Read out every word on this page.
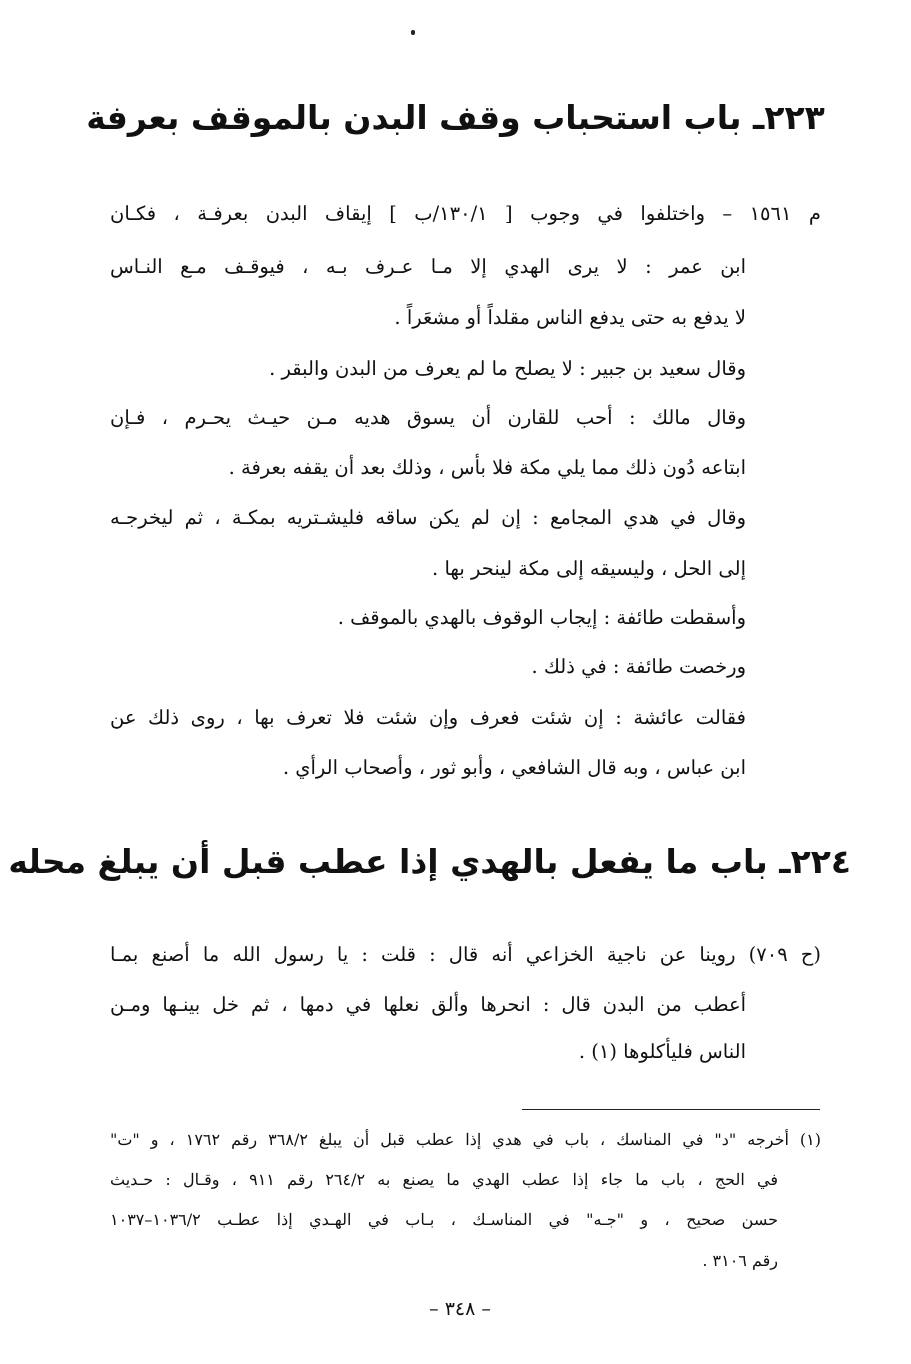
٢٢٣ـ باب استحباب وقف البدن بالموقف بعرفة
م ١٥٦١ – واختلفوا في وجوب [ ١٣٠/١/ب ] إيقاف البدن بعرفـة ، فكـان
ابن عمر : لا يرى الهدي إلا مـا عـرف بـه ، فيوقـف مـع النـاس
لا يدفع به حتى يدفع الناس مقلداً أو مشعَراً .
وقال سعيد بن جبير : لا يصلح ما لم يعرف من البدن والبقر .
وقال مالك : أحب للقارن أن يسوق هديه مـن حيـث يحـرم ، فـإن
ابتاعه دُون ذلك مما يلي مكة فلا بأس ، وذلك بعد أن يقفه بعرفة .
وقال في هدي المجامع : إن لم يكن ساقه فليشـتريه بمكـة ، ثم ليخرجـه
إلى الحل ، وليسيقه إلى مكة لينحر بها .
وأسقطت طائفة : إيجاب الوقوف بالهدي بالموقف .
ورخصت طائفة : في ذلك .
فقالت عائشة : إن شئت فعرف وإن شئت فلا تعرف بها ، روى ذلك عن
ابن عباس ، وبه قال الشافعي ، وأبو ثور ، وأصحاب الرأي .
٢٢٤ـ باب ما يفعل بالهدي إذا عطب قبل أن يبلغ محله
(ح ٧٠٩) روينا عن ناجية الخزاعي أنه قال : قلت : يا رسول الله ما أصنع بمـا
أعطب من البدن قال : انحرها وألق نعلها في دمها ، ثم خل بينـها ومـن
الناس فليأكلوها (١) .
(١) أخرجه "د" في المناسك ، باب في هدي إذا عطب قبل أن يبلغ ٣٦٨/٢ رقم ١٧٦٢ ، و "ت"
في الحج ، باب ما جاء إذا عطب الهدي ما يصنع به ٢٦٤/٢ رقم ٩١١ ، وقـال : حـديث
حسن صحيح ، و "جـه" في المناسـك ، بـاب في الهـدي إذا عطـب ١٠٣٦/٢–١٠٣٧
رقم ٣١٠٦ .
– ٣٤٨ –
